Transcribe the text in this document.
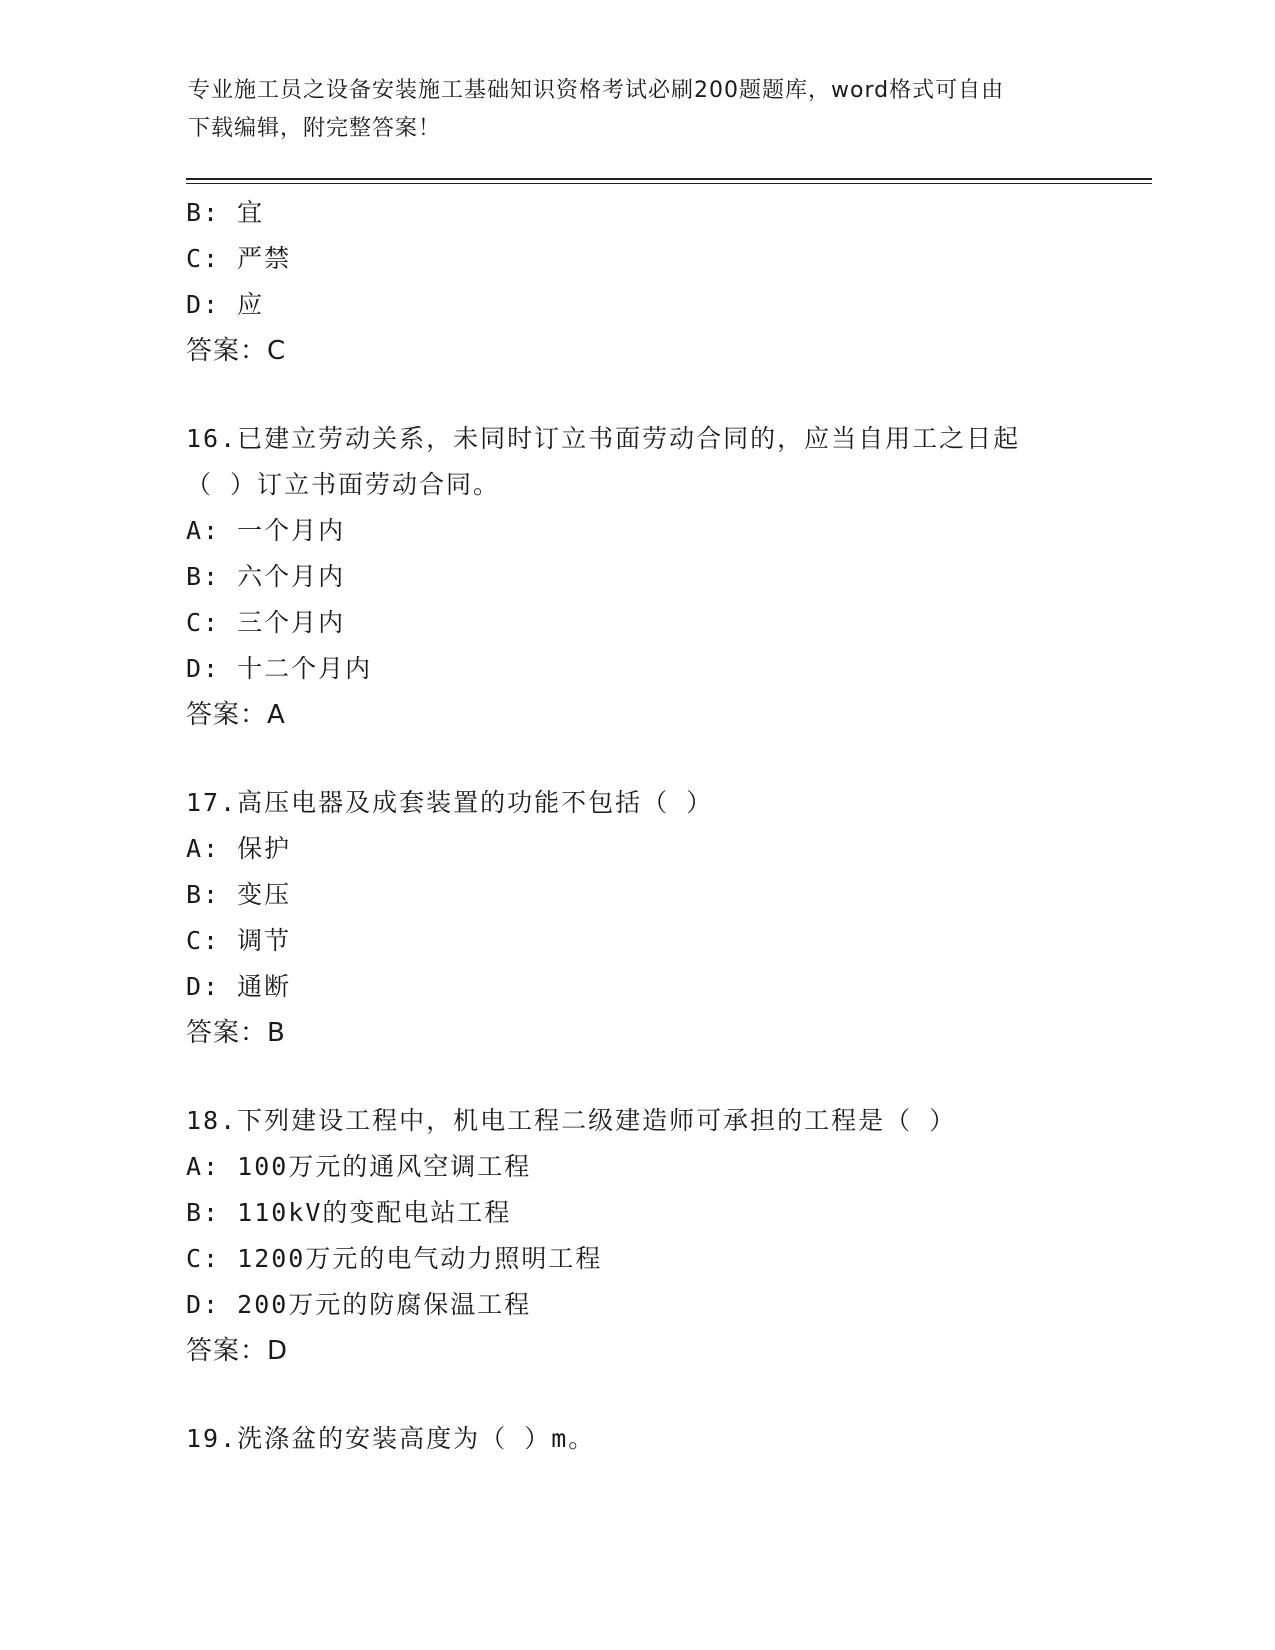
专业施工员之设备安装施工基础知识资格考试必刷200题题库，word格式可自由
下载编辑，附完整答案！
B: 宜
C: 严禁
D: 应
答案：C
16.已建立劳动关系，未同时订立书面劳动合同的，应当自用工之日起
（ ）订立书面劳动合同。
A: 一个月内
B: 六个月内
C: 三个月内
D: 十二个月内
答案：A
17.高压电器及成套装置的功能不包括（ ）
A: 保护
B: 变压
C: 调节
D: 通断
答案：B
18.下列建设工程中，机电工程二级建造师可承担的工程是（ ）
A: 100万元的通风空调工程
B: 110kV的变配电站工程
C: 1200万元的电气动力照明工程
D: 200万元的防腐保温工程
答案：D
19.洗涤盆的安装高度为（ ）m。
